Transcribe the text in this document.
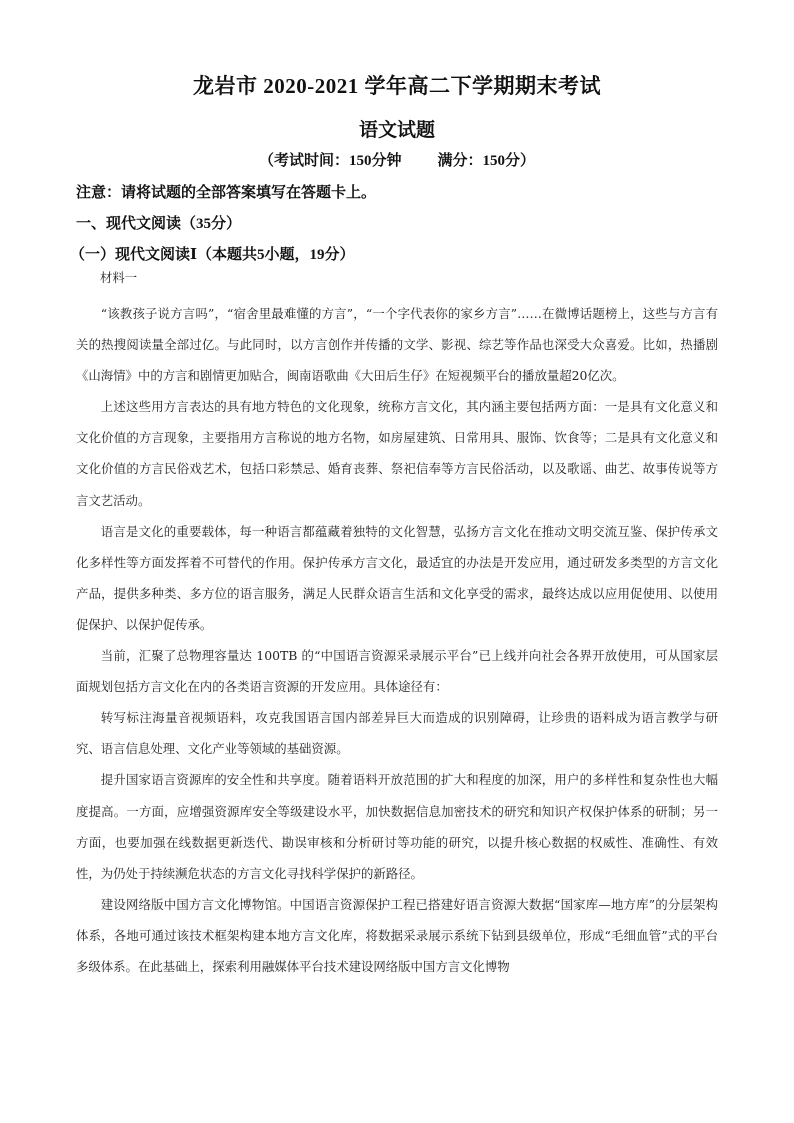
龙岩市 2020-2021 学年高二下学期期末考试
语文试题
（考试时间：150分钟 满分：150分）
注意：请将试题的全部答案填写在答题卡上。
一、现代文阅读（35分）
（一）现代文阅读Ⅰ（本题共5小题，19分）
材料一

“该教孩子说方言吗”，“宿舍里最难懂的方言”，“一个字代表你的家乡方言”……在微博话题榜上，这些与方言有关的热搜阅读量全部过亿。与此同时，以方言创作并传播的文学、影视、综艺等作品也深受大众喜爱。比如，热播剧《山海情》中的方言和剧情更加贴合，闽南语歌曲《大田后生仔》在短视频平台的播放量超20亿次。

上述这些用方言表达的具有地方特色的文化现象，统称方言文化，其内涵主要包括两方面：一是具有文化意义和文化价值的方言现象，主要指用方言称说的地方名物，如房屋建筑、日常用具、服饰、饮食等；二是具有文化意义和文化价值的方言民俗戏艺术，包括口彩禁忌、婚育丧葬、祭祀信奉等方言民俗活动，以及歌谣、曲艺、故事传说等方言文艺活动。

语言是文化的重要载体，每一种语言都蕴藏着独特的文化智慧，弘扬方言文化在推动文明交流互鉴、保护传承文化多样性等方面发挥着不可替代的作用。保护传承方言文化，最适宜的办法是开发应用，通过研发多类型的方言文化产品，提供多种类、多方位的语言服务，满足人民群众语言生活和文化享受的需求，最终达成以应用促使用、以使用促保护、以保护促传承。

当前，汇聚了总物理容量达 100TB 的“中国语言资源采录展示平台”已上线并向社会各界开放使用，可从国家层面规划包括方言文化在内的各类语言资源的开发应用。具体途径有：

转写标注海量音视频语料，攻克我国语言国内部差异巨大而造成的识别障碍，让珍贵的语料成为语言教学与研究、语言信息处理、文化产业等领域的基础资源。

提升国家语言资源库的安全性和共享度。随着语料开放范围的扩大和程度的加深，用户的多样性和复杂性也大幅度提高。一方面，应增强资源库安全等级建设水平，加快数据信息加密技术的研究和知识产权保护体系的研制；另一方面，也要加强在线数据更新迭代、勘误审核和分析研讨等功能的研究，以提升核心数据的权威性、准确性、有效性，为仍处于持续濒危状态的方言文化寻找科学保护的新路径。

建设网络版中国方言文化博物馆。中国语言资源保护工程已搭建好语言资源大数据“国家库—地方库”的分层架构体系，各地可通过该技术框架构建本地方言文化库，将数据采录展示系统下钻到县级单位，形成“毛细血管”式的平台多级体系。在此基础上，探索利用融媒体平台技术建设网络版中国方言文化博物
